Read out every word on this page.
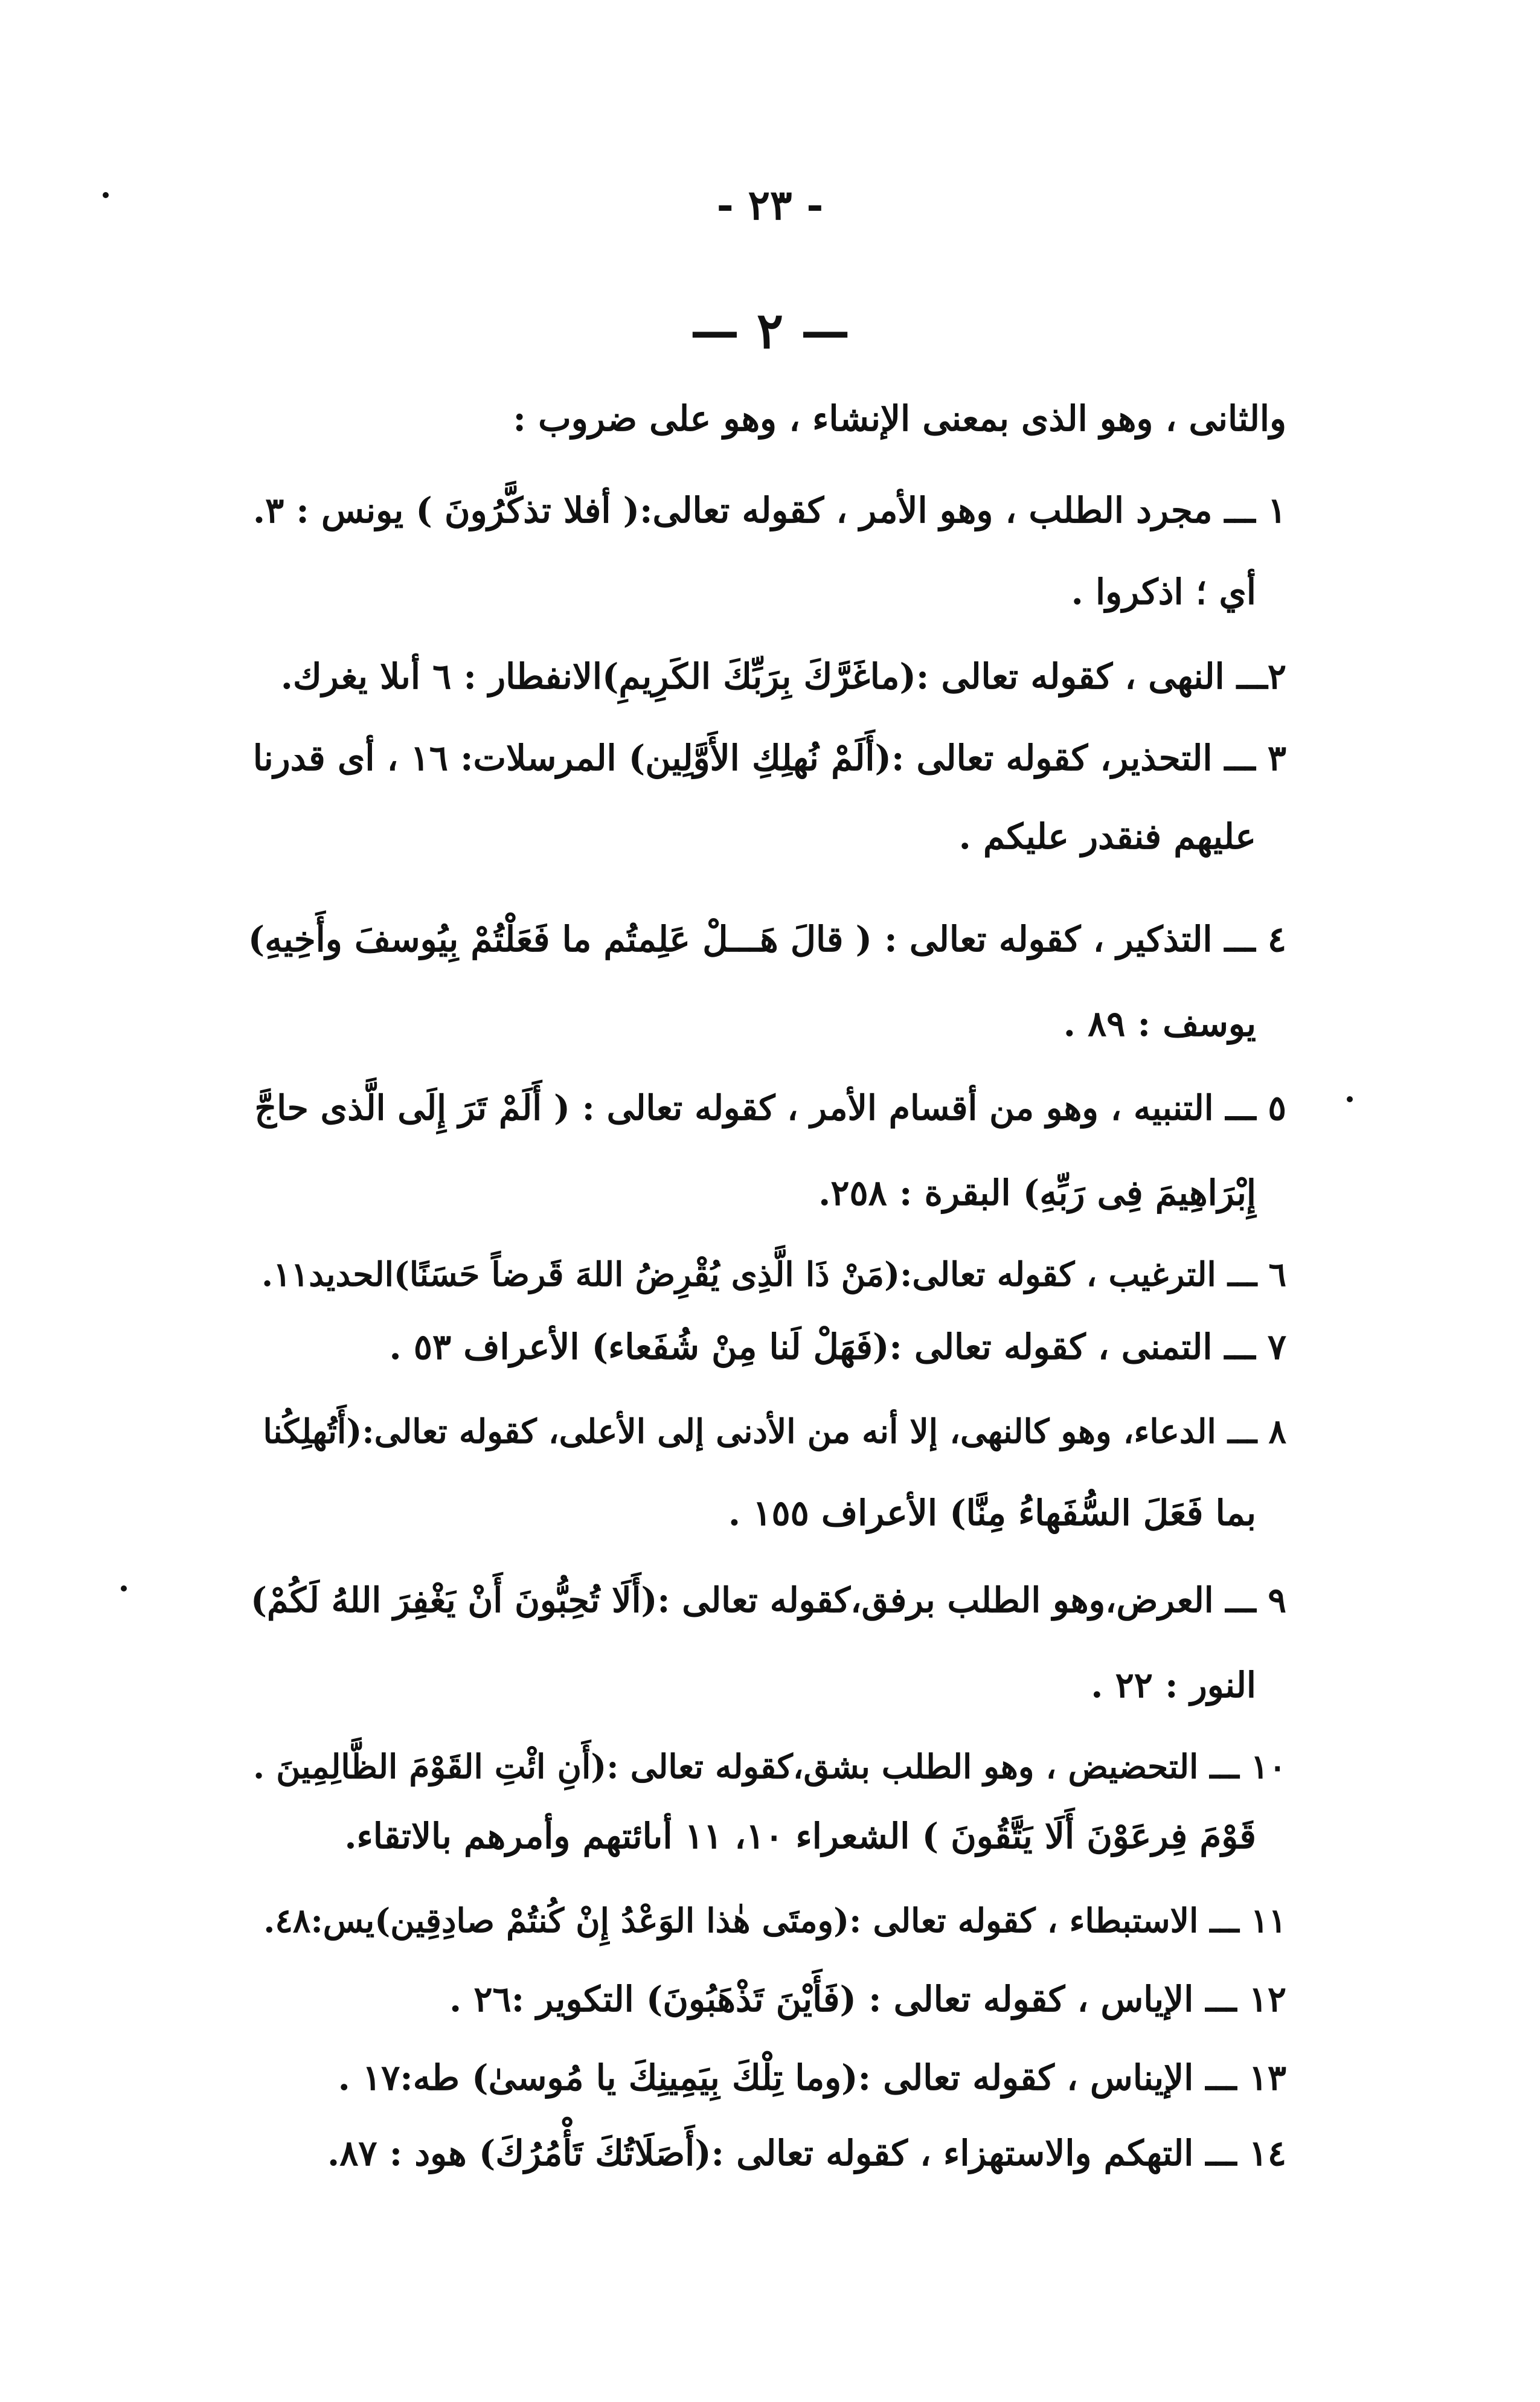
- ٢٣ -
— ٢ —
والثانى ، وهو الذى بمعنى الإنشاء ، وهو على ضروب :
١ ـــ مجرد الطلب ، وهو الأمر ، كقوله تعالى:( أفلا تذكَّرُونَ ) يونس : ٣.
أي ؛ اذكروا .
٢ـــ النهى ، كقوله تعالى :(ماغَرَّكَ بِرَبِّكَ الكَرِيمِ)الانفطار : ٦ أىلا يغرك.
٣ ـــ التحذير، كقوله تعالى :(أَلَمْ نُهلِكِ الأَوَّلِين) المرسلات: ١٦ ، أى قدرنا
عليهم فنقدر عليكم .
٤ ـــ التذكير ، كقوله تعالى : ( قالَ هَـــلْ عَلِمتُم ما فَعَلْتُمْ بِيُوسفَ وأَخِيهِ)
يوسف : ٨٩ .
٥ ـــ التنبيه ، وهو من أقسام الأمر ، كقوله تعالى : ( أَلَمْ تَرَ إِلَى الَّذى حاجَّ
إِبْرَاهِيمَ فِى رَبِّهِ) البقرة : ٢٥٨.
٦ ـــ الترغيب ، كقوله تعالى:(مَنْ ذَا الَّذِى يُقْرِضُ اللهَ قَرضاً حَسَنًا)الحديد١١.
٧ ـــ التمنى ، كقوله تعالى :(فَهَلْ لَنا مِنْ شُفَعاء) الأعراف ٥٣ .
٨ ـــ الدعاء، وهو كالنهى، إلا أنه من الأدنى إلى الأعلى، كقوله تعالى:(أَتُهلِكُنا
بما فَعَلَ السُّفَهاءُ مِنَّا) الأعراف ١٥٥ .
٩ ـــ العرض،وهو الطلب برفق،كقوله تعالى :(أَلَا تُحِبُّونَ أَنْ يَغْفِرَ اللهُ لَكُمْ)
النور : ٢٢ .
١٠ ـــ التحضيض ، وهو الطلب بشق،كقوله تعالى :(أَنِ ائْتِ القَوْمَ الظَّالِمِينَ .
قَوْمَ فِرعَوْنَ أَلَا يَتَّقُونَ ) الشعراء ١٠، ١١ أىائتهم وأمرهم بالاتقاء.
١١ ـــ الاستبطاء ، كقوله تعالى :(ومتَى هٰذا الوَعْدُ إِنْ كُنتُمْ صادِقِين)يس:٤٨.
١٢ ـــ الإياس ، كقوله تعالى : (فَأَيْنَ تَذْهَبُونَ) التكوير :٢٦ .
١٣ ـــ الإيناس ، كقوله تعالى :(وما تِلْكَ بِيَمِينِكَ يا مُوسىٰ) طه:١٧ .
١٤ ـــ التهكم والاستهزاء ، كقوله تعالى :(أَصَلَاتُكَ تَأْمُرُكَ) هود : ٨٧.
